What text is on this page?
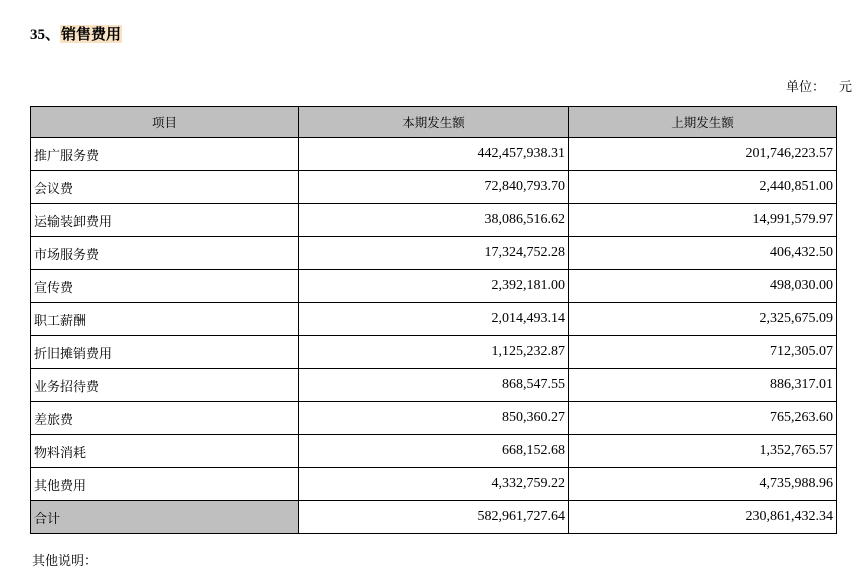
35、销售费用
单位： 元
项目	本期发生额	上期发生额
推广服务费	442,457,938.31	201,746,223.57
会议费	72,840,793.70	2,440,851.00
运输装卸费用	38,086,516.62	14,991,579.97
市场服务费	17,324,752.28	406,432.50
宣传费	2,392,181.00	498,030.00
职工薪酬	2,014,493.14	2,325,675.09
折旧摊销费用	1,125,232.87	712,305.07
业务招待费	868,547.55	886,317.01
差旅费	850,360.27	765,263.60
物料消耗	668,152.68	1,352,765.57
其他费用	4,332,759.22	4,735,988.96
合计	582,961,727.64	230,861,432.34
其他说明：
